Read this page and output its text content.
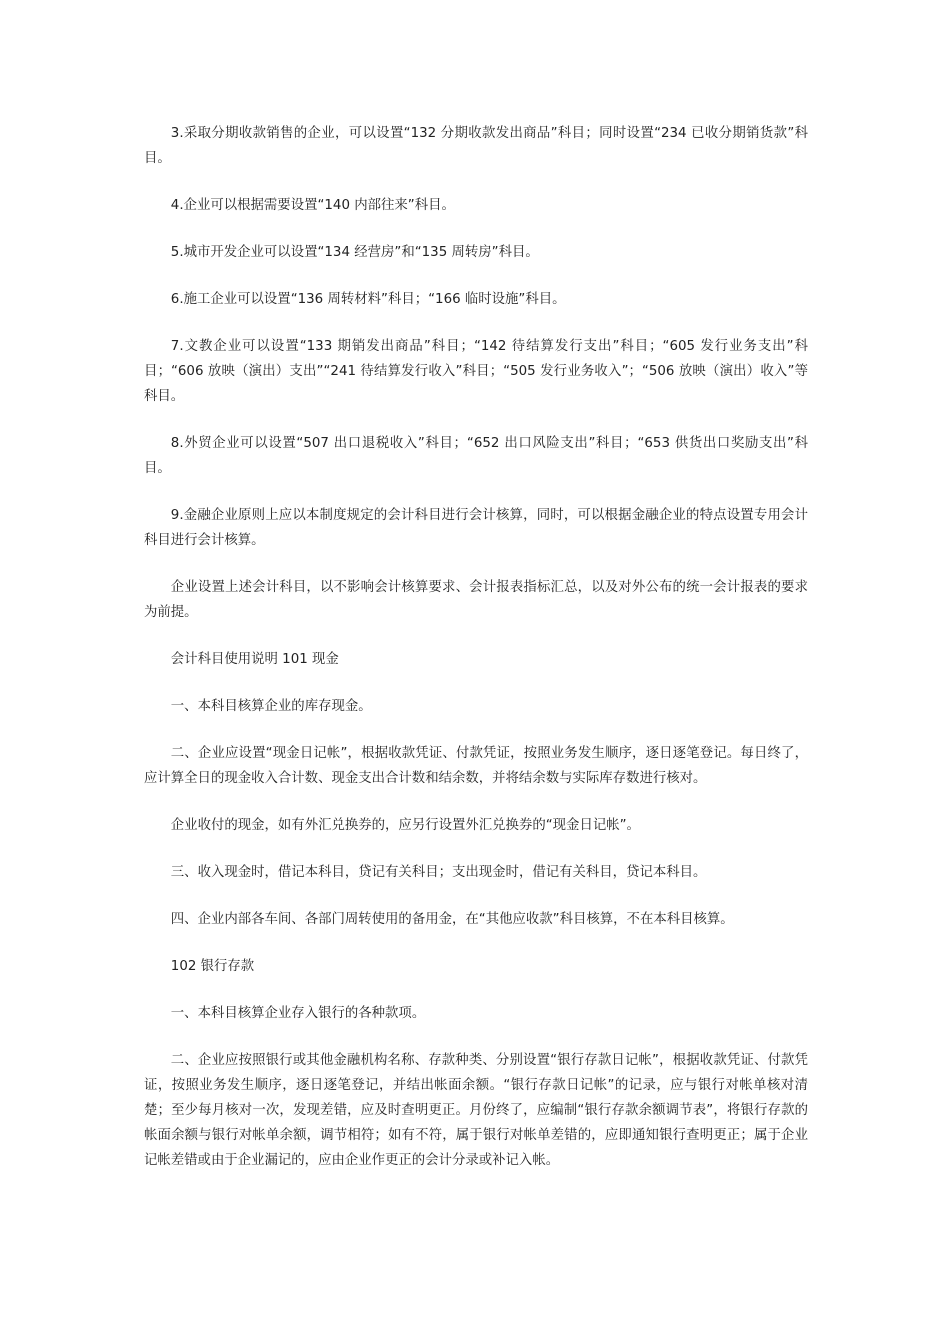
3.采取分期收款销售的企业，可以设置“132 分期收款发出商品”科目；同时设置“234 已收分期销货款”科目。

4.企业可以根据需要设置“140 内部往来”科目。

5.城市开发企业可以设置“134 经营房”和“135 周转房”科目。

6.施工企业可以设置“136 周转材料”科目；“166 临时设施”科目。

7.文教企业可以设置“133 期销发出商品”科目；“142 待结算发行支出”科目；“605 发行业务支出”科目；“606 放映（演出）支出”“241 待结算发行收入”科目；“505 发行业务收入”；“506 放映（演出）收入”等科目。

8.外贸企业可以设置“507 出口退税收入”科目；“652 出口风险支出”科目；“653 供货出口奖励支出”科目。

9.金融企业原则上应以本制度规定的会计科目进行会计核算，同时，可以根据金融企业的特点设置专用会计科目进行会计核算。

企业设置上述会计科目，以不影响会计核算要求、会计报表指标汇总，以及对外公布的统一会计报表的要求为前提。

会计科目使用说明 101 现金

一、本科目核算企业的库存现金。

二、企业应设置“现金日记帐”，根据收款凭证、付款凭证，按照业务发生顺序，逐日逐笔登记。每日终了，应计算全日的现金收入合计数、现金支出合计数和结余数，并将结余数与实际库存数进行核对。

企业收付的现金，如有外汇兑换券的，应另行设置外汇兑换券的“现金日记帐”。

三、收入现金时，借记本科目，贷记有关科目；支出现金时，借记有关科目，贷记本科目。

四、企业内部各车间、各部门周转使用的备用金，在“其他应收款”科目核算，不在本科目核算。

102 银行存款

一、本科目核算企业存入银行的各种款项。

二、企业应按照银行或其他金融机构名称、存款种类、分别设置“银行存款日记帐”，根据收款凭证、付款凭证，按照业务发生顺序，逐日逐笔登记，并结出帐面余额。“银行存款日记帐”的记录，应与银行对帐单核对清楚；至少每月核对一次，发现差错，应及时查明更正。月份终了，应编制“银行存款余额调节表”，将银行存款的帐面余额与银行对帐单余额，调节相符；如有不符，属于银行对帐单差错的，应即通知银行查明更正；属于企业记帐差错或由于企业漏记的，应由企业作更正的会计分录或补记入帐。
